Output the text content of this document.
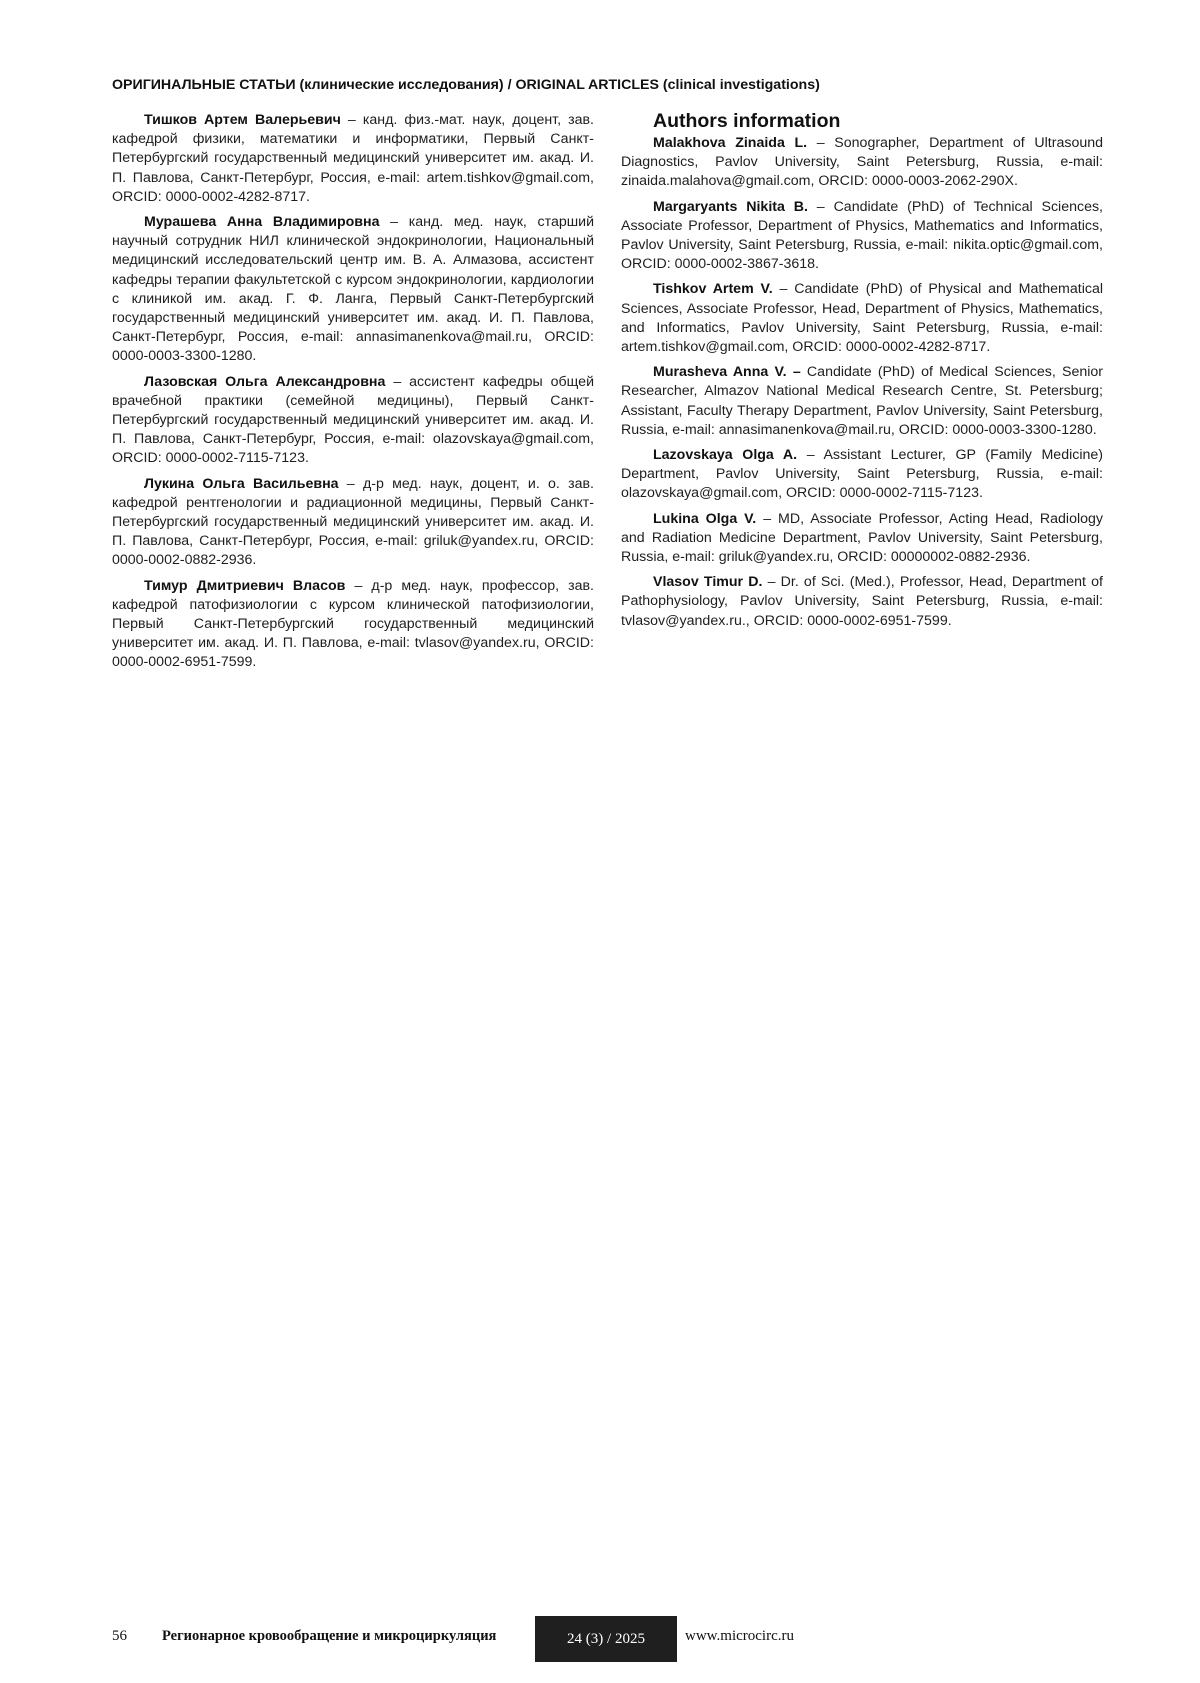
ОРИГИНАЛЬНЫЕ СТАТЬИ (клинические исследования) / ORIGINAL ARTICLES (clinical investigations)

Тишков Артем Валерьевич – канд. физ.-мат. наук, доцент, зав. кафедрой физики, математики и информатики, Первый Санкт-Петербургский государственный медицинский университет им. акад. И. П. Павлова, Санкт-Петербург, Россия, e-mail: artem.tishkov@gmail.com, ORCID: 0000-0002-4282-8717.

Мурашева Анна Владимировна – канд. мед. наук, старший научный сотрудник НИЛ клинической эндокринологии, Национальный медицинский исследовательский центр им. В. А. Алмазова, ассистент кафедры терапии факультетской с курсом эндокринологии, кардиологии с клиникой им. акад. Г. Ф. Ланга, Первый Санкт-Петербургский государственный медицинский университет им. акад. И. П. Павлова, Санкт-Петербург, Россия, e-mail: annasimanenkova@mail.ru, ORCID: 0000-0003-3300-1280.

Лазовская Ольга Александровна – ассистент кафедры общей врачебной практики (семейной медицины), Первый Санкт-Петербургский государственный медицинский университет им. акад. И. П. Павлова, Санкт-Петербург, Россия, e-mail: olazovskaya@gmail.com, ORCID: 0000-0002-7115-7123.

Лукина Ольга Васильевна – д-р мед. наук, доцент, и. о. зав. кафедрой рентгенологии и радиационной медицины, Первый Санкт-Петербургский государственный медицинский университет им. акад. И. П. Павлова, Санкт-Петербург, Россия, e-mail: griluk@yandex.ru, ORCID: 0000-0002-0882-2936.

Тимур Дмитриевич Власов – д-р мед. наук, профессор, зав. кафедрой патофизиологии с курсом клинической патофизиологии, Первый Санкт-Петербургский государственный медицинский университет им. акад. И. П. Павлова, e-mail: tvlasov@yandex.ru, ORCID: 0000-0002-6951-7599.

Authors information

Malakhova Zinaida L. – Sonographer, Department of Ultrasound Diagnostics, Pavlov University, Saint Petersburg, Russia, e-mail: zinaida.malahova@gmail.com, ORCID: 0000-0003-2062-290X.

Margaryants Nikita B. – Candidate (PhD) of Technical Sciences, Associate Professor, Department of Physics, Mathematics and Informatics, Pavlov University, Saint Petersburg, Russia, e-mail: nikita.optic@gmail.com, ORCID: 0000-0002-3867-3618.

Tishkov Artem V. – Candidate (PhD) of Physical and Mathematical Sciences, Associate Professor, Head, Department of Physics, Mathematics, and Informatics, Pavlov University, Saint Petersburg, Russia, e-mail: artem.tishkov@gmail.com, ORCID: 0000-0002-4282-8717.

Murasheva Anna V. – Candidate (PhD) of Medical Sciences, Senior Researcher, Almazov National Medical Research Centre, St. Petersburg; Assistant, Faculty Therapy Department, Pavlov University, Saint Petersburg, Russia, e-mail: annasimanenkova@mail.ru, ORCID: 0000-0003-3300-1280.

Lazovskaya Olga A. – Assistant Lecturer, GP (Family Medicine) Department, Pavlov University, Saint Petersburg, Russia, e-mail: olazovskaya@gmail.com, ORCID: 0000-0002-7115-7123.

Lukina Olga V. – MD, Associate Professor, Acting Head, Radiology and Radiation Medicine Department, Pavlov University, Saint Petersburg, Russia, e-mail: griluk@yandex.ru, ORCID: 00000002-0882-2936.

Vlasov Timur D. – Dr. of Sci. (Med.), Professor, Head, Department of Pathophysiology, Pavlov University, Saint Petersburg, Russia, e-mail: tvlasov@yandex.ru., ORCID: 0000-0002-6951-7599.

56 Регионарное кровообращение и микроциркуляция	24 (3) / 2025	www.microcirc.ru
